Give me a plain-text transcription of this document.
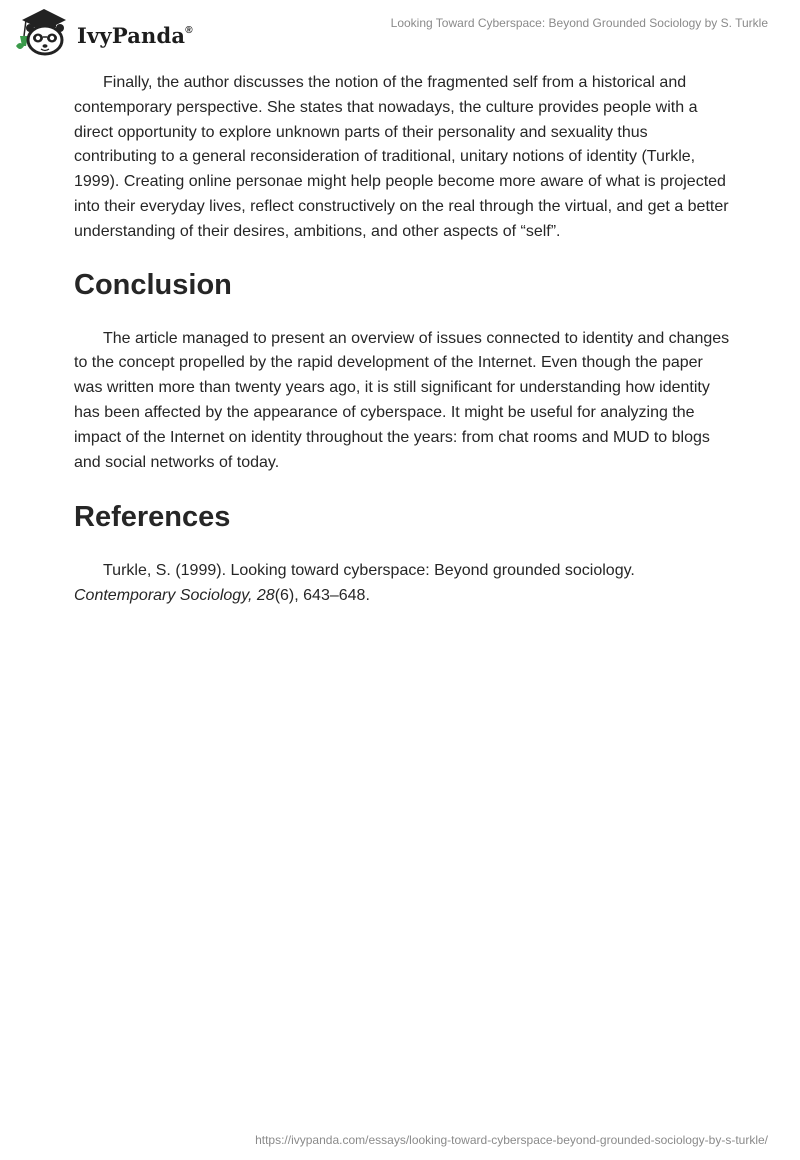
IvyPanda®
Looking Toward Cyberspace: Beyond Grounded Sociology by S. Turkle

Finally, the author discusses the notion of the fragmented self from a historical and contemporary perspective. She states that nowadays, the culture provides people with a direct opportunity to explore unknown parts of their personality and sexuality thus contributing to a general reconsideration of traditional, unitary notions of identity (Turkle, 1999). Creating online personae might help people become more aware of what is projected into their everyday lives, reflect constructively on the real through the virtual, and get a better understanding of their desires, ambitions, and other aspects of “self”.

Conclusion

The article managed to present an overview of issues connected to identity and changes to the concept propelled by the rapid development of the Internet. Even though the paper was written more than twenty years ago, it is still significant for understanding how identity has been affected by the appearance of cyberspace. It might be useful for analyzing the impact of the Internet on identity throughout the years: from chat rooms and MUD to blogs and social networks of today.

References

Turkle, S. (1999). Looking toward cyberspace: Beyond grounded sociology. Contemporary Sociology, 28(6), 643–648.

https://ivypanda.com/essays/looking-toward-cyberspace-beyond-grounded-sociology-by-s-turkle/
